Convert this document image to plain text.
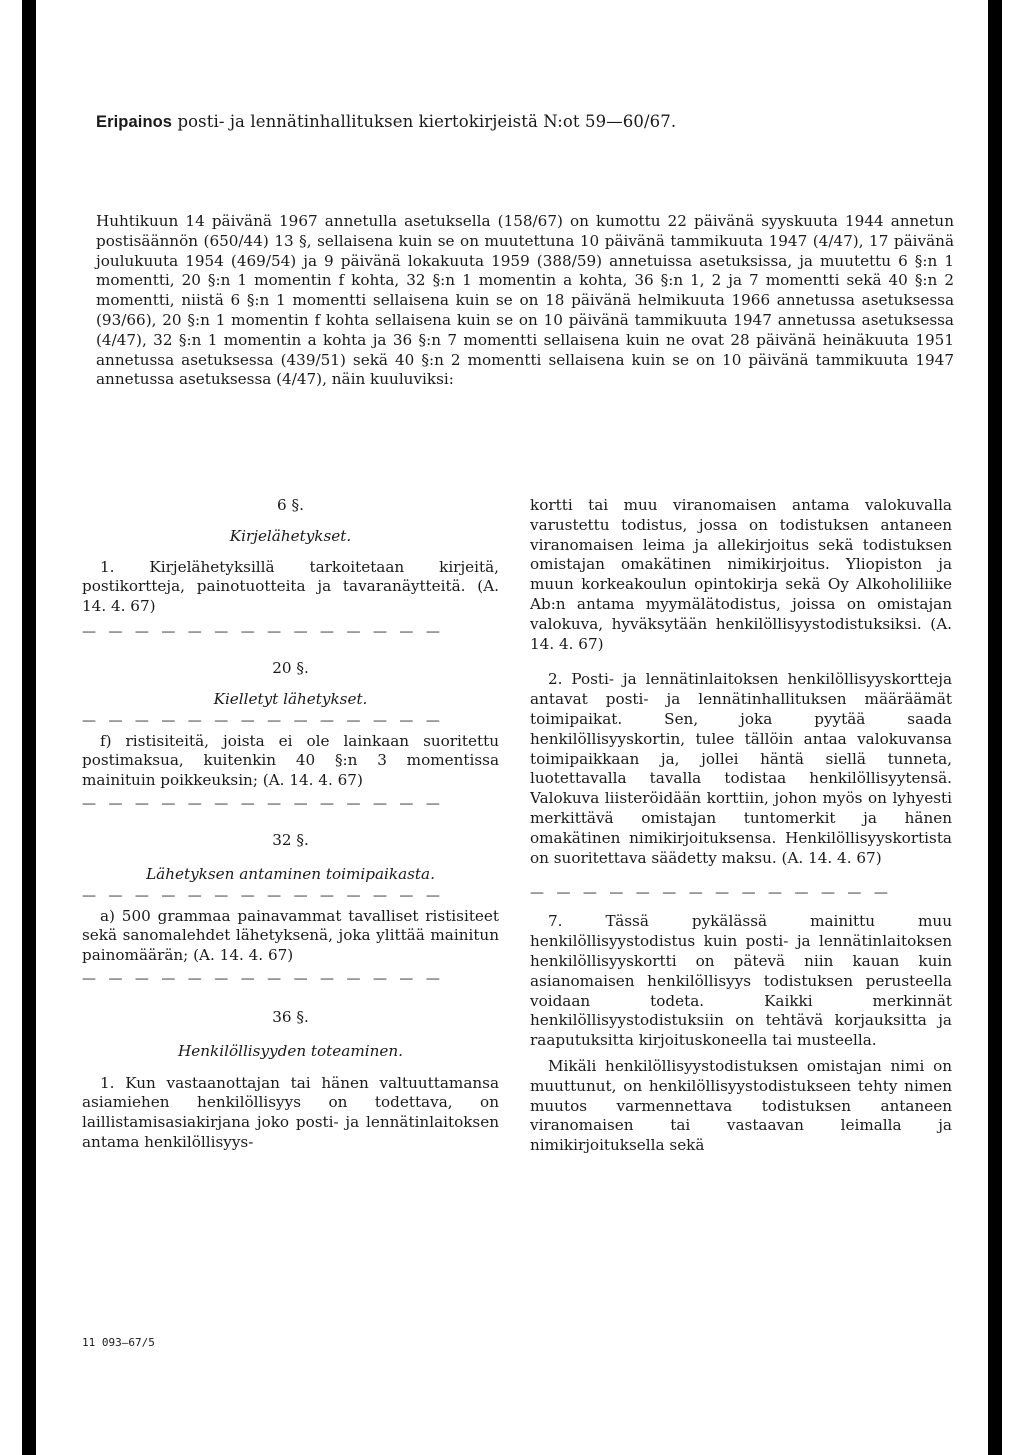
Eripainos posti- ja lennätinhallituksen kiertokirjeistä N:ot 59—60/67.

Huhtikuun 14 päivänä 1967 annetulla asetuksella (158/67) on kumottu 22 päivänä syyskuuta 1944 annetun postisäännön (650/44) 13 §, sellaisena kuin se on muutettuna 10 päivänä tammikuuta 1947 (4/47), 17 päivänä joulukuuta 1954 (469/54) ja 9 päivänä lokakuuta 1959 (388/59) annetuissa asetuksissa, ja muutettu 6 §:n 1 momentti, 20 §:n 1 momentin f kohta, 32 §:n 1 momentin a kohta, 36 §:n 1, 2 ja 7 momentti sekä 40 §:n 2 momentti, niistä 6 §:n 1 momentti sellaisena kuin se on 18 päivänä helmikuuta 1966 annetussa asetuksessa (93/66), 20 §:n 1 momentin f kohta sellaisena kuin se on 10 päivänä tammikuuta 1947 annetussa asetuksessa (4/47), 32 §:n 1 momentin a kohta ja 36 §:n 7 momentti sellaisena kuin ne ovat 28 päivänä heinäkuuta 1951 annetussa asetuksessa (439/51) sekä 40 §:n 2 momentti sellaisena kuin se on 10 päivänä tammikuuta 1947 annetussa asetuksessa (4/47), näin kuuluviksi:

6 §.

Kirjelähetykset.

1. Kirjelähetyksillä tarkoitetaan kirjeitä, postikortteja, painotuotteita ja tavaranäytteitä. (A. 14. 4. 67)

— — — — — — — — — — — — — —

20 §.

Kielletyt lähetykset.

— — — — — — — — — — — — — —

f) ristisiteitä, joista ei ole lainkaan suoritettu postimaksua, kuitenkin 40 §:n 3 momentissa mainituin poikkeuksin; (A. 14. 4. 67)

— — — — — — — — — — — — — —

32 §.

Lähetyksen antaminen toimipaikasta.

— — — — — — — — — — — — — —

a) 500 grammaa painavammat tavalliset ristisiteet sekä sanomalehdet lähetyksenä, joka ylittää mainitun painomäärän; (A. 14. 4. 67)

— — — — — — — — — — — — — —

36 §.

Henkilöllisyyden toteaminen.

1. Kun vastaanottajan tai hänen valtuuttamansa asiamiehen henkilöllisyys on todettava, on laillistamisasiakirjana joko posti- ja lennätinlaitoksen antama henkilöllisyys-

kortti tai muu viranomaisen antama valokuvalla varustettu todistus, jossa on todistuksen antaneen viranomaisen leima ja allekirjoitus sekä todistuksen omistajan omakätinen nimikirjoitus. Yliopiston ja muun korkeakoulun opintokirja sekä Oy Alkoholiliike Ab:n antama myymälätodistus, joissa on omistajan valokuva, hyväksytään henkilöllisyystodistuksiksi. (A. 14. 4. 67)

2. Posti- ja lennätinlaitoksen henkilöllisyyskortteja antavat posti- ja lennätinhallituksen määräämät toimipaikat. Sen, joka pyytää saada henkilöllisyyskortin, tulee tällöin antaa valokuvansa toimipaikkaan ja, jollei häntä siellä tunneta, luotettavalla tavalla todistaa henkilöllisyytensä. Valokuva liisteröidään korttiin, johon myös on lyhyesti merkittävä omistajan tuntomerkit ja hänen omakätinen nimikirjoituksensa. Henkilöllisyyskortista on suoritettava säädetty maksu. (A. 14. 4. 67)

— — — — — — — — — — — — — —

7. Tässä pykälässä mainittu muu henkilöllisyystodistus kuin posti- ja lennätinlaitoksen henkilöllisyyskortti on pätevä niin kauan kuin asianomaisen henkilöllisyys todistuksen perusteella voidaan todeta. Kaikki merkinnät henkilöllisyystodistuksiin on tehtävä korjauksitta ja raaputuksitta kirjoituskoneella tai musteella.

Mikäli henkilöllisyystodistuksen omistajan nimi on muuttunut, on henkilöllisyystodistukseen tehty nimen muutos varmennettava todistuksen antaneen viranomaisen tai vastaavan leimalla ja nimikirjoituksella sekä

11 093—67/5
